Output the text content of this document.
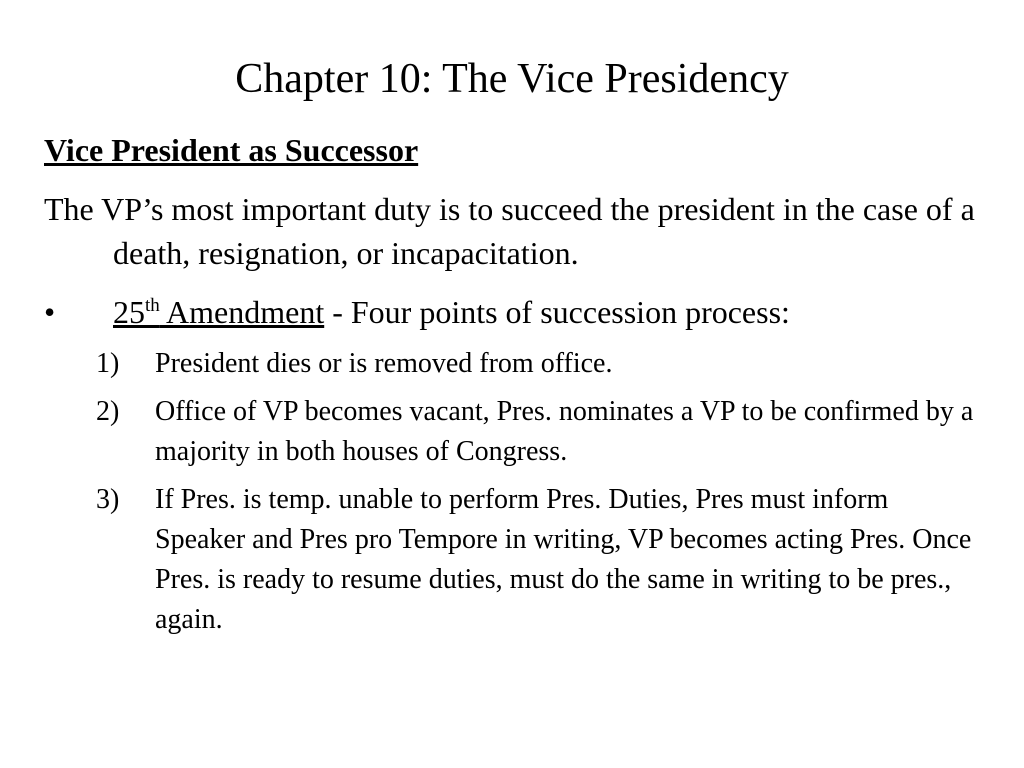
Chapter 10: The Vice Presidency
Vice President as Successor
The VP’s most important duty is to succeed the president in the case of a death, resignation, or incapacitation.
• 25th Amendment - Four points of succession process:
1) President dies or is removed from office.
2) Office of VP becomes vacant, Pres. nominates a VP to be confirmed by a majority in both houses of Congress.
3) If Pres. is temp. unable to perform Pres. Duties, Pres must inform Speaker and Pres pro Tempore in writing, VP becomes acting Pres. Once Pres. is ready to resume duties, must do the same in writing to be pres., again.
